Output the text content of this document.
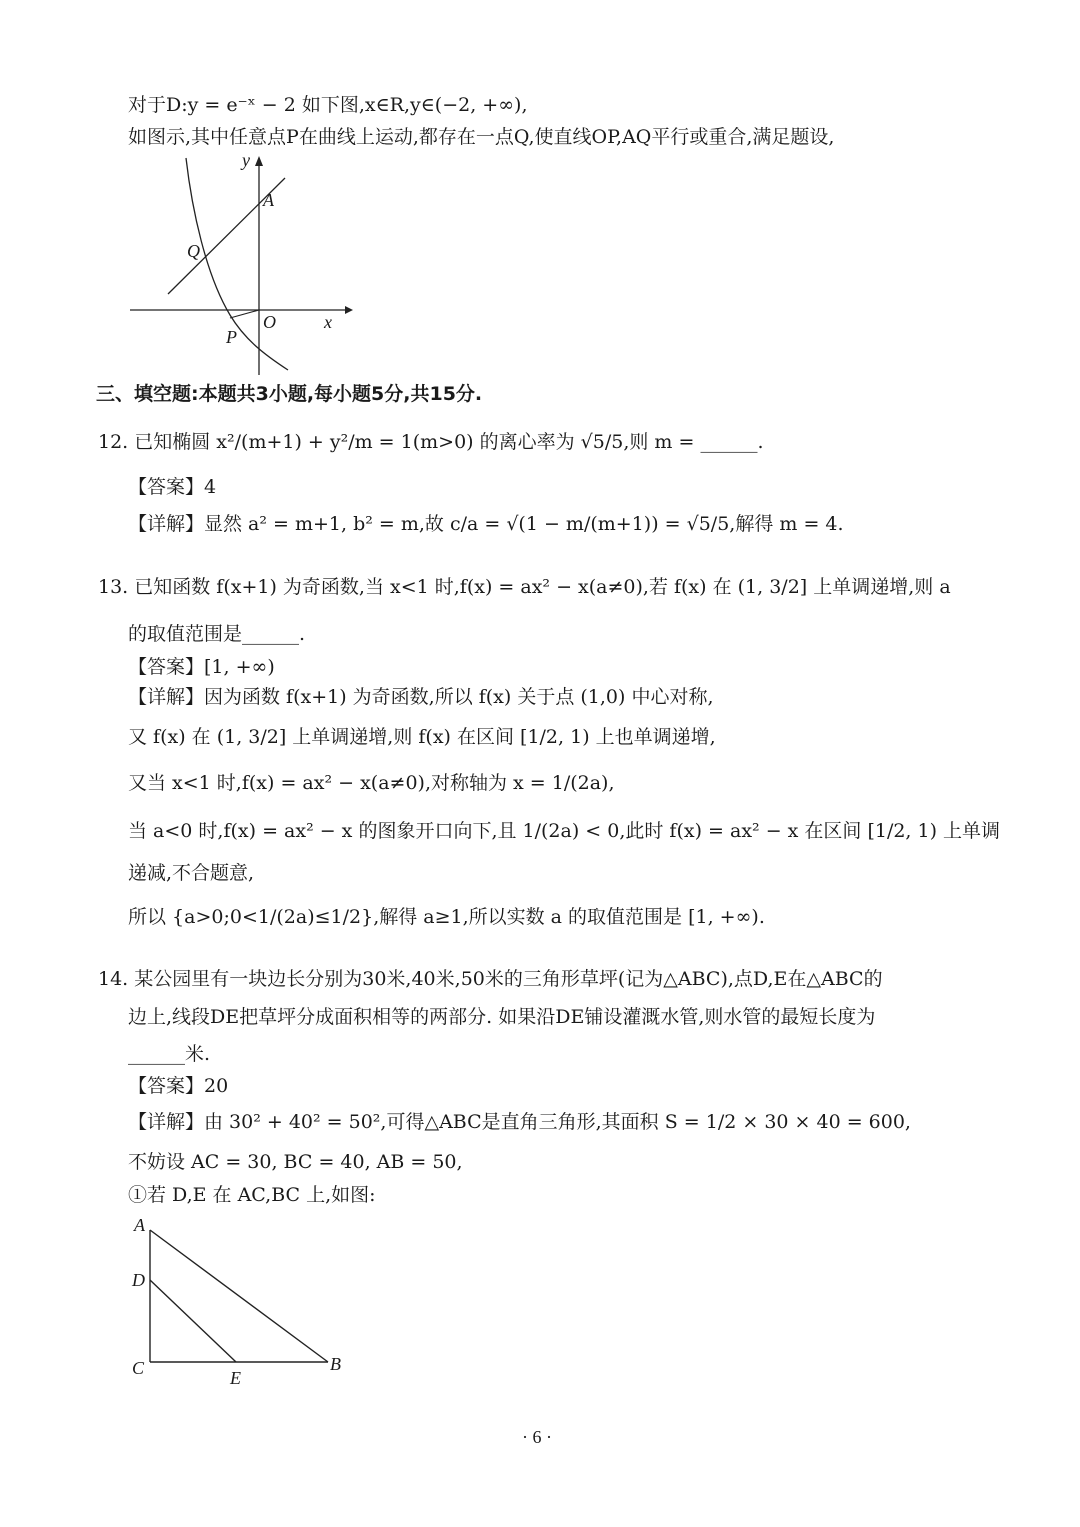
对于D:y = e⁻ˣ − 2 如下图,x∈R,y∈(−2, +∞),
如图示,其中任意点P在曲线上运动,都存在一点Q,使直线OP,AQ平行或重合,满足题设,
y
A
Q
O	x
P
三、填空题:本题共3小题,每小题5分,共15分.
12. 已知椭圆 x²/(m+1) + y²/m = 1(m>0) 的离心率为 √5/5,则 m = ______.
【答案】4
【详解】显然 a² = m+1, b² = m,故 c/a = √(1 − m/(m+1)) = √5/5,解得 m = 4.
13. 已知函数 f(x+1) 为奇函数,当 x<1 时,f(x) = ax² − x(a≠0),若 f(x) 在 (1, 3/2] 上单调递增,则 a
的取值范围是______.
【答案】[1, +∞)
【详解】因为函数 f(x+1) 为奇函数,所以 f(x) 关于点 (1,0) 中心对称,
又 f(x) 在 (1, 3/2] 上单调递增,则 f(x) 在区间 [1/2, 1) 上也单调递增,
又当 x<1 时,f(x) = ax² − x(a≠0),对称轴为 x = 1/(2a),
当 a<0 时,f(x) = ax² − x 的图象开口向下,且 1/(2a) < 0,此时 f(x) = ax² − x 在区间 [1/2, 1) 上单调
递减,不合题意,
所以 {a>0;0<1/(2a)≤1/2},解得 a≥1,所以实数 a 的取值范围是 [1, +∞).
14. 某公园里有一块边长分别为30米,40米,50米的三角形草坪(记为△ABC),点D,E在△ABC的
边上,线段DE把草坪分成面积相等的两部分. 如果沿DE铺设灌溉水管,则水管的最短长度为
______米.
【答案】20
【详解】由 30² + 40² = 50²,可得△ABC是直角三角形,其面积 S = 1/2 × 30 × 40 = 600,
不妨设 AC = 30, BC = 40, AB = 50,
①若 D,E 在 AC,BC 上,如图:
A
D
C	E
B
· 6 ·
